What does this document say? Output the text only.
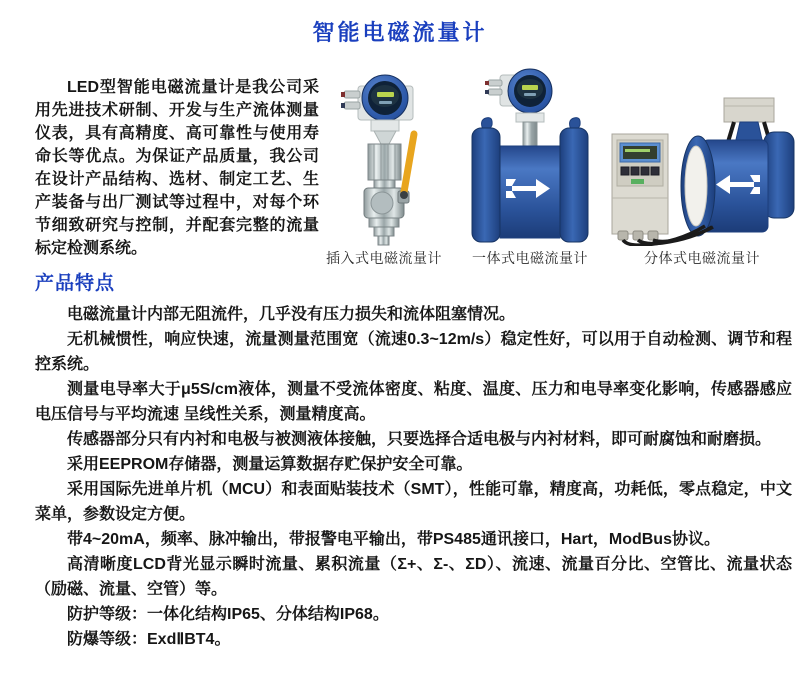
智能电磁流量计

LED型智能电磁流量计是我公司采用先进技术研制、开发与生产流体测量仪表，具有高精度、高可靠性与使用寿命长等优点。为保证产品质量，我公司在设计产品结构、选材、制定工艺、生产装备与出厂测试等过程中，对每个环节细致研究与控制，并配套完整的流量标定检测系统。

插入式电磁流量计	一体式电磁流量计	分体式电磁流量计
产品特点

电磁流量计内部无阻流件，几乎没有压力损失和流体阻塞情况。

无机械惯性，响应快速，流量测量范围宽（流速0.3~12m/s）稳定性好，可以用于自动检测、调节和程控系统。

测量电导率大于μ5S/cm液体，测量不受流体密度、粘度、温度、压力和电导率变化影响，传感器感应电压信号与平均流速 呈线性关系，测量精度高。

传感器部分只有内衬和电极与被测液体接触，只要选择合适电极与内衬材料，即可耐腐蚀和耐磨损。

采用EEPROM存储器，测量运算数据存贮保护安全可靠。

采用国际先进单片机（MCU）和表面贴装技术（SMT），性能可靠，精度高，功耗低，零点稳定，中文菜单，参数设定方便。

带4~20mA，频率、脉冲输出，带报警电平输出，带PS485通讯接口，Hart，ModBus协议。

高清晰度LCD背光显示瞬时流量、累积流量（Σ+、Σ-、ΣD）、流速、流量百分比、空管比、流量状态（励磁、流量、空管）等。

防护等级：一体化结构IP65、分体结构IP68。

防爆等级：ExdⅡBT4。
